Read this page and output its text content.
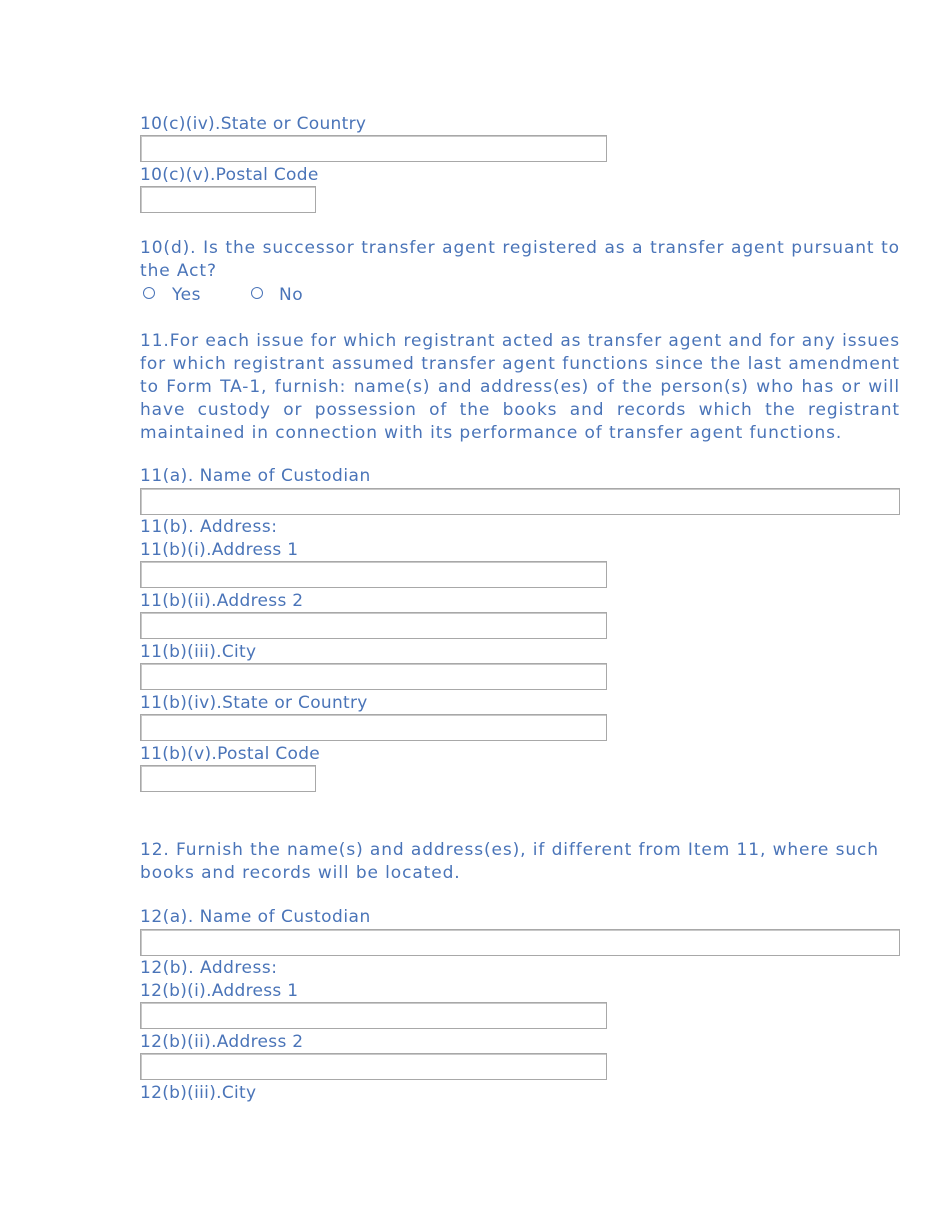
10(c)(iv).State or Country
10(c)(v).Postal Code
10(d). Is the successor transfer agent registered as a transfer agent pursuant to the Act?
Yes	No
11.For each issue for which registrant acted as transfer agent and for any issues for which registrant assumed transfer agent functions since the last amendment to Form TA-1, furnish: name(s) and address(es) of the person(s) who has or will have custody or possession of the books and records which the registrant maintained in connection with its performance of transfer agent functions.
11(a). Name of Custodian
11(b). Address:
11(b)(i).Address 1
11(b)(ii).Address 2
11(b)(iii).City
11(b)(iv).State or Country
11(b)(v).Postal Code
12. Furnish the name(s) and address(es), if different from Item 11, where such books and records will be located.
12(a). Name of Custodian
12(b). Address:
12(b)(i).Address 1
12(b)(ii).Address 2
12(b)(iii).City
